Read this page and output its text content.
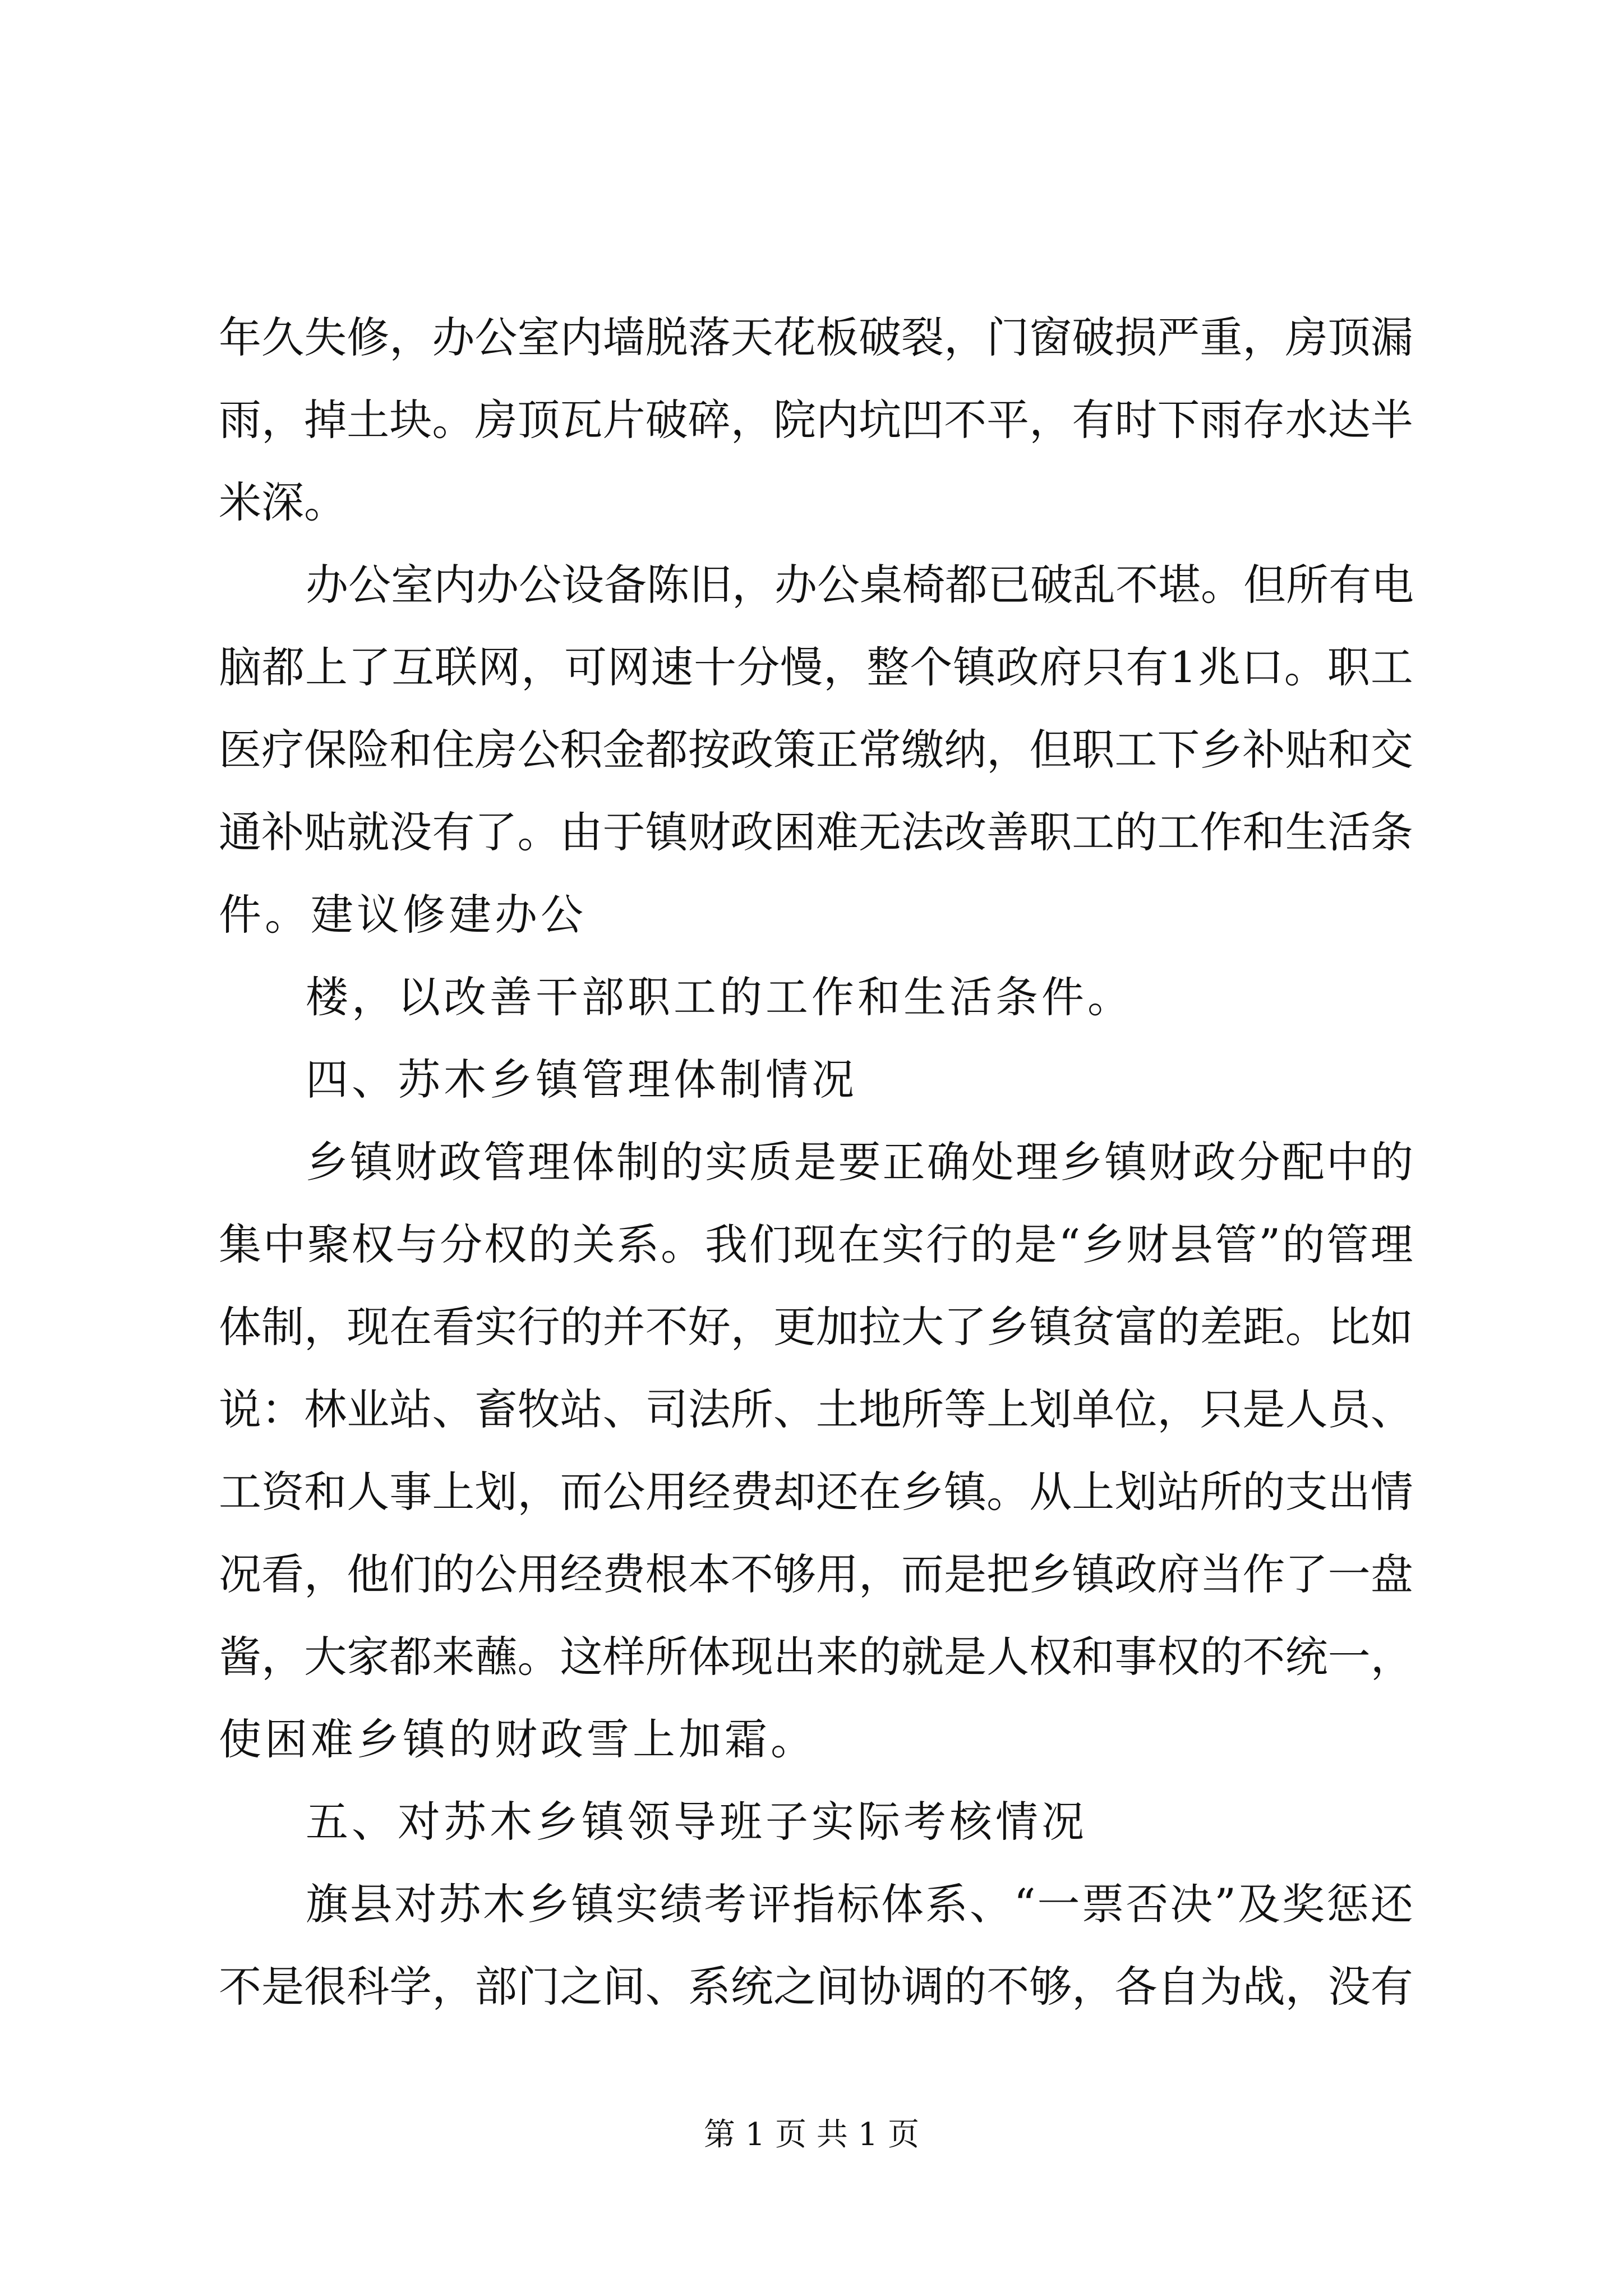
年 久 失 修 ， 办 公 室 内 墙 脱 落 天 花 板 破 裂 ， 门 窗 破 损 严 重 ， 房 顶 漏
雨 ， 掉 土 块 。 房 顶 瓦 片 破 碎 ， 院 内 坑 凹 不 平 ， 有 时 下 雨 存 水 达 半
米深。
办 公 室 内 办 公 设 备 陈 旧 ， 办 公 桌 椅 都 已 破 乱 不 堪 。 但 所 有 电
脑 都 上 了 互 联 网 ， 可 网 速 十 分 慢 ， 整 个 镇 政 府 只 有 1 兆 口 。 职 工
医 疗 保 险 和 住 房 公 积 金 都 按 政 策 正 常 缴 纳 ， 但 职 工 下 乡 补 贴 和 交
通 补 贴 就 没 有 了 。 由 于 镇 财 政 困 难 无 法 改 善 职 工 的 工 作 和 生 活 条
件。建议修建办公
楼，以改善干部职工的工作和生活条件。
四、苏木乡镇管理体制情况
乡 镇 财 政 管 理 体 制 的 实 质 是 要 正 确 处 理 乡 镇 财 政 分 配 中 的
集 中 聚 权 与 分 权 的 关 系 。 我 们 现 在 实 行 的 是 “ 乡 财 县 管 ” 的 管 理
体 制 ， 现 在 看 实 行 的 并 不 好 ， 更 加 拉 大 了 乡 镇 贫 富 的 差 距 。 比 如
说 ： 林 业 站 、 畜 牧 站 、 司 法 所 、 土 地 所 等 上 划 单 位 ， 只 是 人 员 、
工 资 和 人 事 上 划 ， 而 公 用 经 费 却 还 在 乡 镇 。 从 上 划 站 所 的 支 出 情
况 看 ， 他 们 的 公 用 经 费 根 本 不 够 用 ， 而 是 把 乡 镇 政 府 当 作 了 一 盘
酱 ， 大 家 都 来 蘸 。 这 样 所 体 现 出 来 的 就 是 人 权 和 事 权 的 不 统 一 ，
使困难乡镇的财政雪上加霜。
五、对苏木乡镇领导班子实际考核情况
旗 县 对 苏 木 乡 镇 实 绩 考 评 指 标 体 系 、 “ 一 票 否 决 ” 及 奖 惩 还
不 是 很 科 学 ， 部 门 之 间 、 系 统 之 间 协 调 的 不 够 ， 各 自 为 战 ， 没 有
第 1 页 共 1 页
